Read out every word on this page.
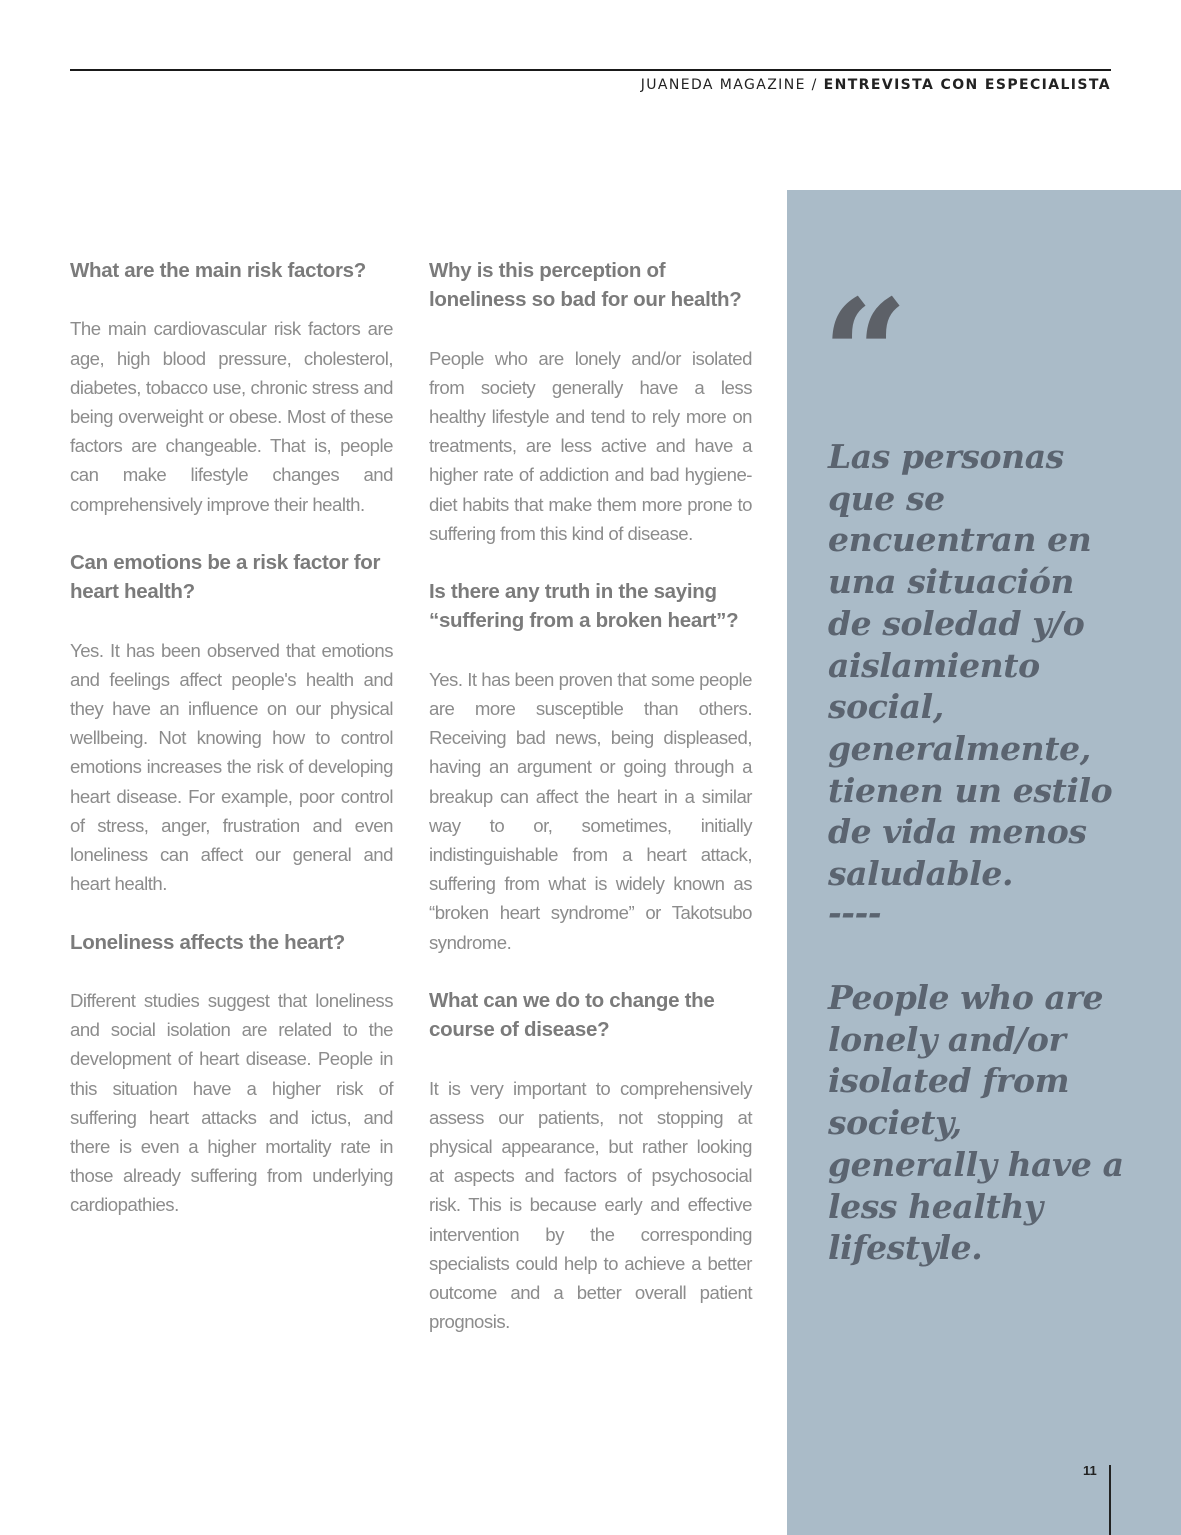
JUANEDA MAGAZINE / ENTREVISTA CON ESPECIALISTA

What are the main risk factors?

The main cardiovascular risk factors are age, high blood pressure, cholesterol, diabetes, tobacco use, chronic stress and being overweight or obese. Most of these factors are changeable. That is, people can make lifestyle changes and comprehensively improve their health.

Can emotions be a risk factor for heart health?

Yes. It has been observed that emotions and feelings affect people's health and they have an influence on our physical wellbeing. Not knowing how to control emotions increases the risk of developing heart disease. For example, poor control of stress, anger, frustration and even loneliness can affect our general and heart health.

Loneliness affects the heart?

Different studies suggest that loneliness and social isolation are related to the development of heart disease. People in this situation have a higher risk of suffering heart attacks and ictus, and there is even a higher mortality rate in those already suffering from underlying cardiopathies.

Why is this perception of loneliness so bad for our health?

People who are lonely and/or isolated from society generally have a less healthy lifestyle and tend to rely more on treatments, are less active and have a higher rate of addiction and bad hygiene-diet habits that make them more prone to suffering from this kind of disease.

Is there any truth in the saying “suffering from a broken heart”?

Yes. It has been proven that some people are more susceptible than others. Receiving bad news, being displeased, having an argument or going through a breakup can affect the heart in a similar way to or, sometimes, initially indistinguishable from a heart attack, suffering from what is widely known as “broken heart syndrome” or Takotsubo syndrome.

What can we do to change the course of disease?

It is very important to comprehensively assess our patients, not stopping at physical appearance, but rather looking at aspects and factors of psychosocial risk. This is because early and effective intervention by the corresponding specialists could help to achieve a better outcome and a better overall patient prognosis.

“
Las personas que se encuentran en una situación de soledad y/o aislamiento social, generalmente, tienen un estilo de vida menos saludable.
----
People who are lonely and/or isolated from society, generally have a less healthy lifestyle.
11
